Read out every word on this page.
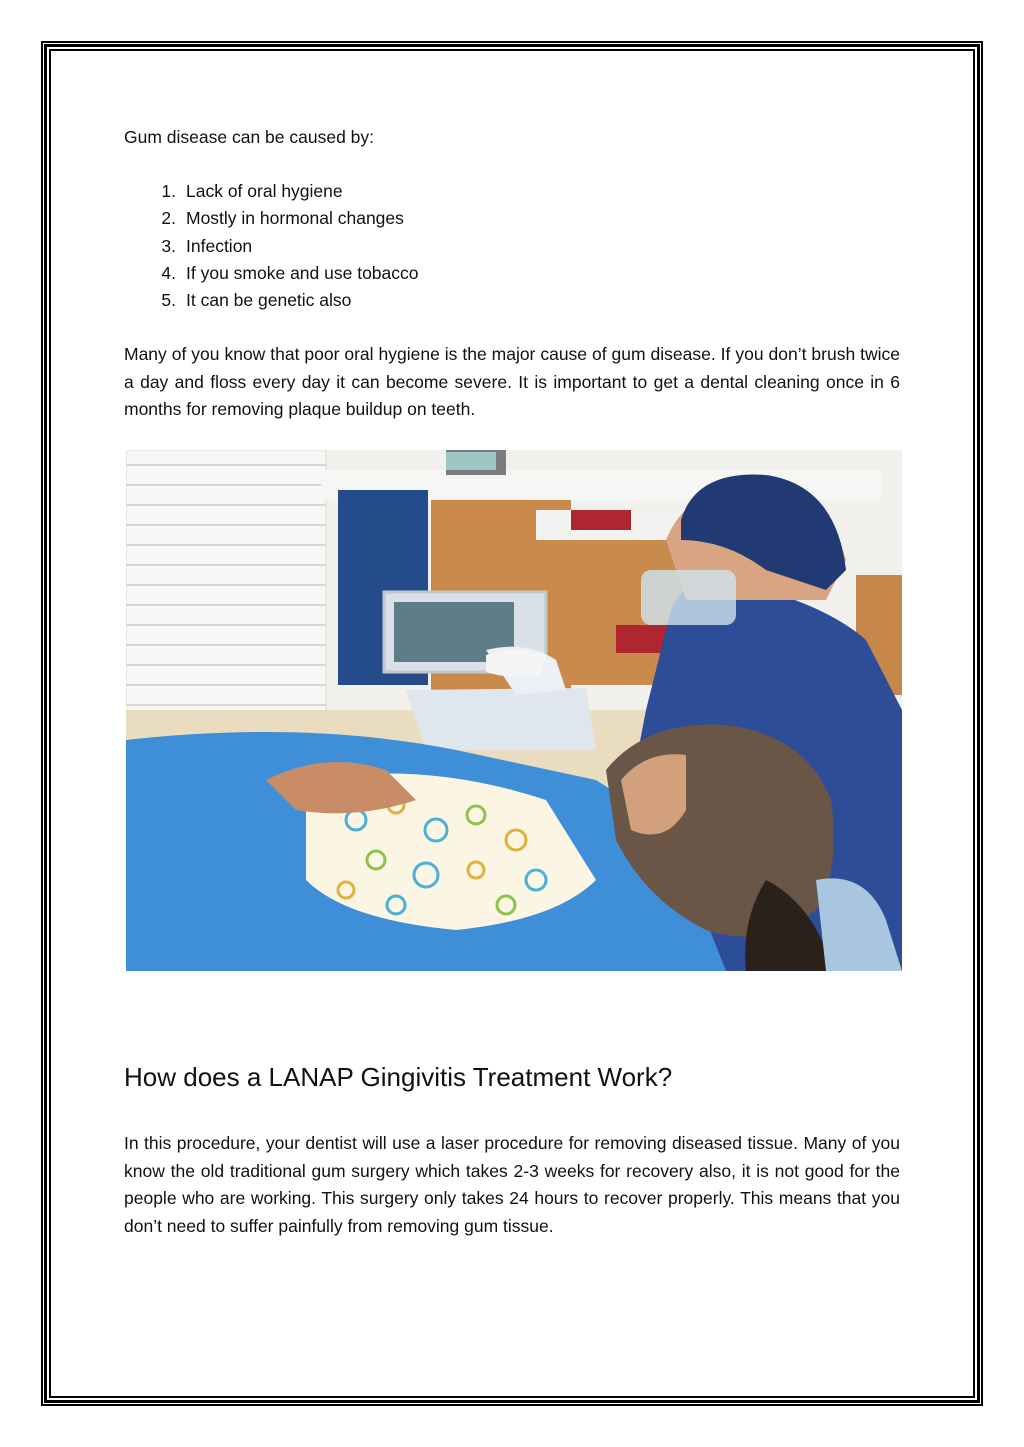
Gum disease can be caused by:

1. Lack of oral hygiene
2. Mostly in hormonal changes
3. Infection
4. If you smoke and use tobacco
5. It can be genetic also

Many of you know that poor oral hygiene is the major cause of gum disease. If you don’t brush twice a day and floss every day it can become severe. It is important to get a dental cleaning once in 6 months for removing plaque buildup on teeth.

How does a LANAP Gingivitis Treatment Work?

In this procedure, your dentist will use a laser procedure for removing diseased tissue. Many of you know the old traditional gum surgery which takes 2-3 weeks for recovery also, it is not good for the people who are working. This surgery only takes 24 hours to recover properly. This means that you don’t need to suffer painfully from removing gum tissue.
